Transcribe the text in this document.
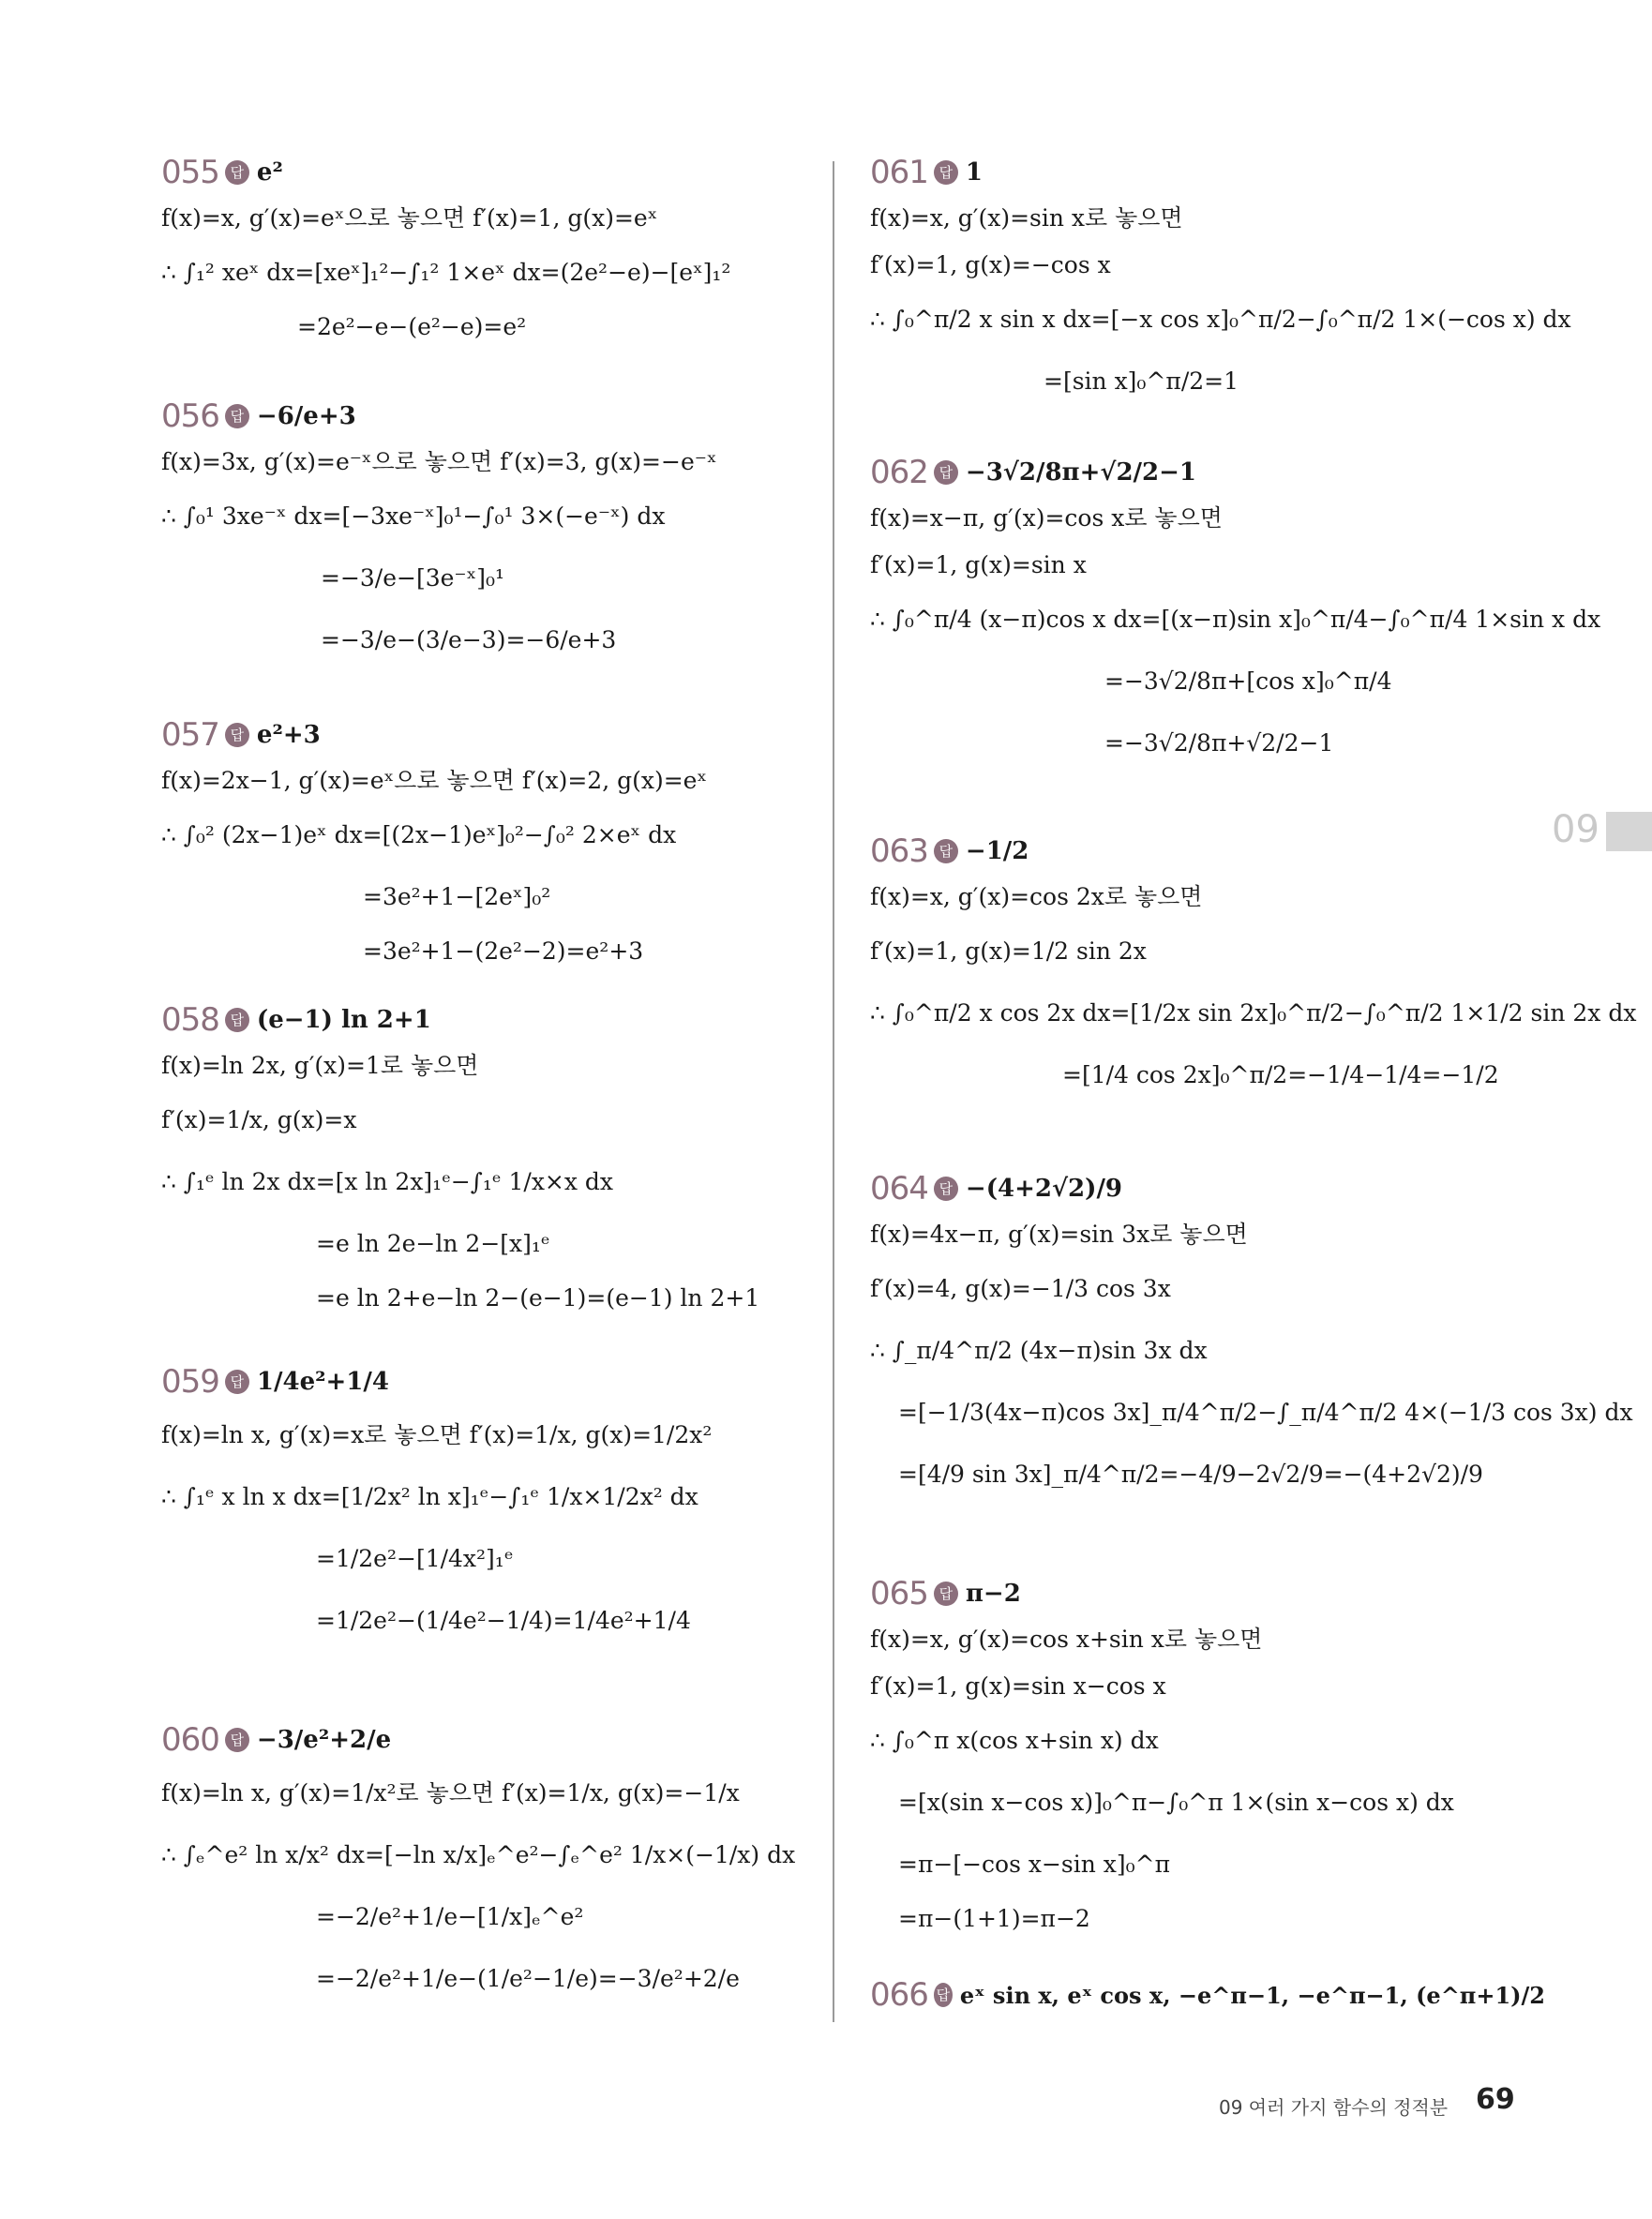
055 답 e²
f(x)=x, g′(x)=eˣ으로 놓으면 f′(x)=1, g(x)=eˣ
∴ ∫₁² xeˣ dx=[xeˣ]₁²−∫₁² 1×eˣ dx=(2e²−e)−[eˣ]₁²
=2e²−e−(e²−e)=e²
056 답 −6/e+3
f(x)=3x, g′(x)=e⁻ˣ으로 놓으면 f′(x)=3, g(x)=−e⁻ˣ
∴ ∫₀¹ 3xe⁻ˣ dx=[−3xe⁻ˣ]₀¹−∫₀¹ 3×(−e⁻ˣ) dx
=−3/e−[3e⁻ˣ]₀¹
=−3/e−(3/e−3)=−6/e+3
057 답 e²+3
f(x)=2x−1, g′(x)=eˣ으로 놓으면 f′(x)=2, g(x)=eˣ
∴ ∫₀² (2x−1)eˣ dx=[(2x−1)eˣ]₀²−∫₀² 2×eˣ dx
=3e²+1−[2eˣ]₀²
=3e²+1−(2e²−2)=e²+3
058 답 (e−1) ln 2+1
f(x)=ln 2x, g′(x)=1로 놓으면
f′(x)=1/x, g(x)=x
∴ ∫₁ᵉ ln 2x dx=[x ln 2x]₁ᵉ−∫₁ᵉ 1/x×x dx
=e ln 2e−ln 2−[x]₁ᵉ
=e ln 2+e−ln 2−(e−1)=(e−1) ln 2+1
059 답 1/4e²+1/4
f(x)=ln x, g′(x)=x로 놓으면 f′(x)=1/x, g(x)=1/2x²
∴ ∫₁ᵉ x ln x dx=[1/2x² ln x]₁ᵉ−∫₁ᵉ 1/x×1/2x² dx
=1/2e²−[1/4x²]₁ᵉ
=1/2e²−(1/4e²−1/4)=1/4e²+1/4
060 답 −3/e²+2/e
f(x)=ln x, g′(x)=1/x²로 놓으면 f′(x)=1/x, g(x)=−1/x
∴ ∫ₑ^e² ln x/x² dx=[−ln x/x]ₑ^e²−∫ₑ^e² 1/x×(−1/x) dx
=−2/e²+1/e−[1/x]ₑ^e²
=−2/e²+1/e−(1/e²−1/e)=−3/e²+2/e
061 답 1
f(x)=x, g′(x)=sin x로 놓으면
f′(x)=1, g(x)=−cos x
∴ ∫₀^π/2 x sin x dx=[−x cos x]₀^π/2−∫₀^π/2 1×(−cos x) dx
=[sin x]₀^π/2=1
062 답 −3√2/8π+√2/2−1
f(x)=x−π, g′(x)=cos x로 놓으면
f′(x)=1, g(x)=sin x
∴ ∫₀^π/4 (x−π)cos x dx=[(x−π)sin x]₀^π/4−∫₀^π/4 1×sin x dx
=−3√2/8π+[cos x]₀^π/4
=−3√2/8π+√2/2−1
063 답 −1/2
f(x)=x, g′(x)=cos 2x로 놓으면
f′(x)=1, g(x)=1/2 sin 2x
∴ ∫₀^π/2 x cos 2x dx=[1/2x sin 2x]₀^π/2−∫₀^π/2 1×1/2 sin 2x dx
=[1/4 cos 2x]₀^π/2=−1/4−1/4=−1/2
064 답 −(4+2√2)/9
f(x)=4x−π, g′(x)=sin 3x로 놓으면
f′(x)=4, g(x)=−1/3 cos 3x
∴ ∫_π/4^π/2 (4x−π)sin 3x dx
=[−1/3(4x−π)cos 3x]_π/4^π/2−∫_π/4^π/2 4×(−1/3 cos 3x) dx
=[4/9 sin 3x]_π/4^π/2=−4/9−2√2/9=−(4+2√2)/9
065 답 π−2
f(x)=x, g′(x)=cos x+sin x로 놓으면
f′(x)=1, g(x)=sin x−cos x
∴ ∫₀^π x(cos x+sin x) dx
=[x(sin x−cos x)]₀^π−∫₀^π 1×(sin x−cos x) dx
=π−[−cos x−sin x]₀^π
=π−(1+1)=π−2
066 답 eˣ sin x, eˣ cos x, −e^π−1, −e^π−1, (e^π+1)/2
09
09 여러 가지 함수의 정적분 69
